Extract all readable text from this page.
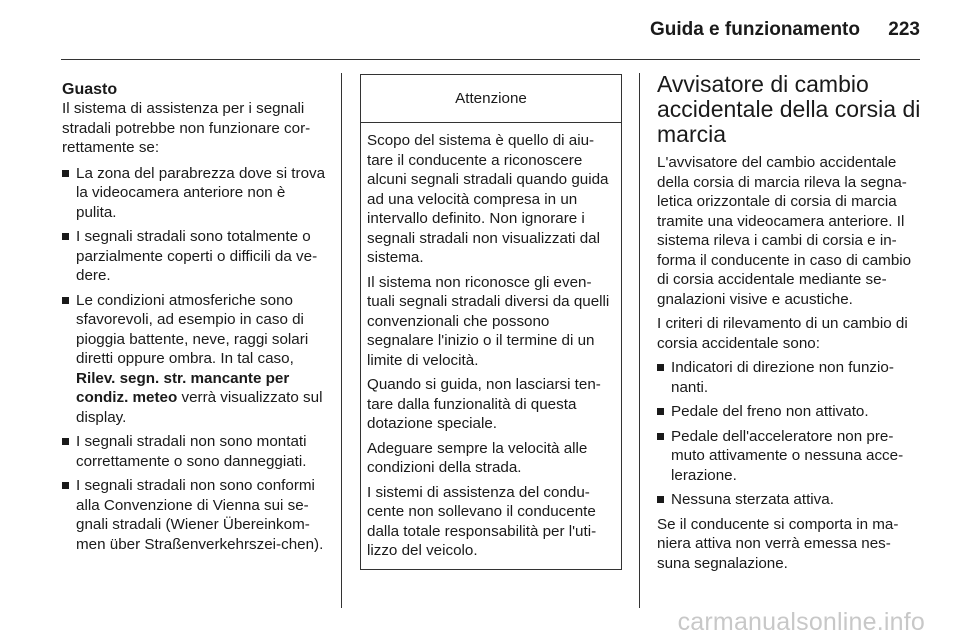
Guida e funzionamento	223
Guasto

Il sistema di assistenza per i segnali stradali potrebbe non funzionare cor-rettamente se:

La zona del parabrezza dove si trova la videocamera anteriore non è pulita.
I segnali stradali sono totalmente o parzialmente coperti o difficili da ve-dere.
Le condizioni atmosferiche sono sfavorevoli, ad esempio in caso di pioggia battente, neve, raggi solari diretti oppure ombra. In tal caso, Rilev. segn. str. mancante per condiz. meteo verrà visualizzato sul display.
I segnali stradali non sono montati correttamente o sono danneggiati.
I segnali stradali non sono conformi alla Convenzione di Vienna sui se-gnali stradali (Wiener Übereinkom-men über Straßenverkehrszei-chen).
Attenzione

Scopo del sistema è quello di aiu-tare il conducente a riconoscere alcuni segnali stradali quando guida ad una velocità compresa in un intervallo definito. Non ignorare i segnali stradali non visualizzati dal sistema.

Il sistema non riconosce gli even-tuali segnali stradali diversi da quelli convenzionali che possono segnalare l'inizio o il termine di un limite di velocità.

Quando si guida, non lasciarsi ten-tare dalla funzionalità di questa dotazione speciale.

Adeguare sempre la velocità alle condizioni della strada.

I sistemi di assistenza del condu-cente non sollevano il conducente dalla totale responsabilità per l'uti-lizzo del veicolo.

Avvisatore di cambio accidentale della corsia di marcia

L'avvisatore del cambio accidentale della corsia di marcia rileva la segna-letica orizzontale di corsia di marcia tramite una videocamera anteriore. Il sistema rileva i cambi di corsia e in-forma il conducente in caso di cambio di corsia accidentale mediante se-gnalazioni visive e acustiche.

I criteri di rilevamento di un cambio di corsia accidentale sono:

Indicatori di direzione non funzio-nanti.
Pedale del freno non attivato.
Pedale dell'acceleratore non pre-muto attivamente o nessuna acce-lerazione.
Nessuna sterzata attiva.

Se il conducente si comporta in ma-niera attiva non verrà emessa nes-suna segnalazione.

carmanualsonline.info
